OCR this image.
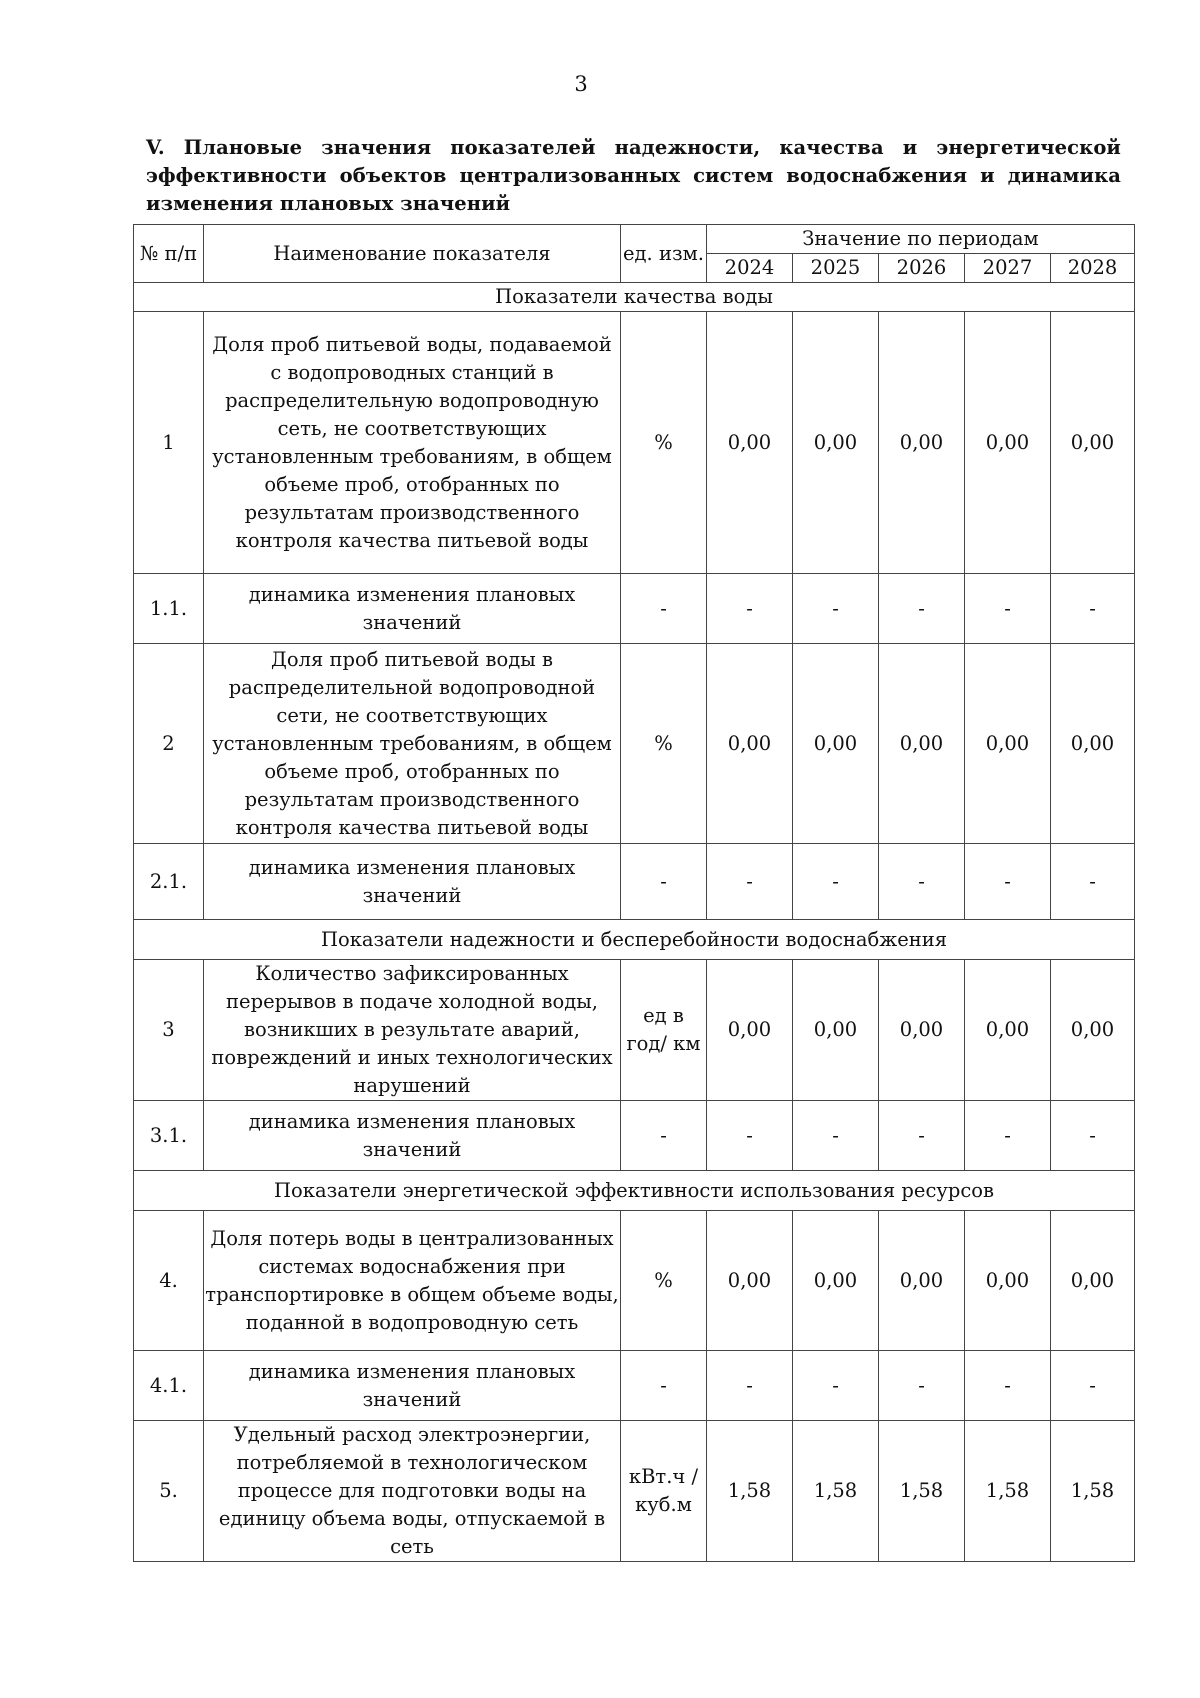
3
V. Плановые значения показателей надежности, качества и энергетической эффективности объектов централизованных систем водоснабжения и динамика изменения плановых значений
№ п/п	Наименование показателя	ед. изм.	Значение по периодам				
			2024	2025	2026	2027	2028
Показатели качества воды							
1	Доля проб питьевой воды, подаваемой с водопроводных станций в распределительную водопроводную сеть, не соответствующих установленным требованиям, в общем объеме проб, отобранных по результатам производственного контроля качества питьевой воды	%	0,00	0,00	0,00	0,00	0,00
1.1.	динамика изменения плановых значений	-	-	-	-	-	-
2	Доля проб питьевой воды в распределительной водопроводной сети, не соответствующих установленным требованиям, в общем объеме проб, отобранных по результатам производственного контроля качества питьевой воды	%	0,00	0,00	0,00	0,00	0,00
2.1.	динамика изменения плановых значений	-	-	-	-	-	-
Показатели надежности и бесперебойности водоснабжения							
3	Количество зафиксированных перерывов в подаче холодной воды, возникших в результате аварий, повреждений и иных технологических нарушений	ед в год/ км	0,00	0,00	0,00	0,00	0,00
3.1.	динамика изменения плановых значений	-	-	-	-	-	-
Показатели энергетической эффективности использования ресурсов							
4.	Доля потерь воды в централизованных системах водоснабжения при транспортировке в общем объеме воды, поданной в водопроводную сеть	%	0,00	0,00	0,00	0,00	0,00
4.1.	динамика изменения плановых значений	-	-	-	-	-	-
5.	Удельный расход электроэнергии, потребляемой в технологическом процессе для подготовки воды на единицу объема воды, отпускаемой в сеть	кВт.ч / куб.м	1,58	1,58	1,58	1,58	1,58
